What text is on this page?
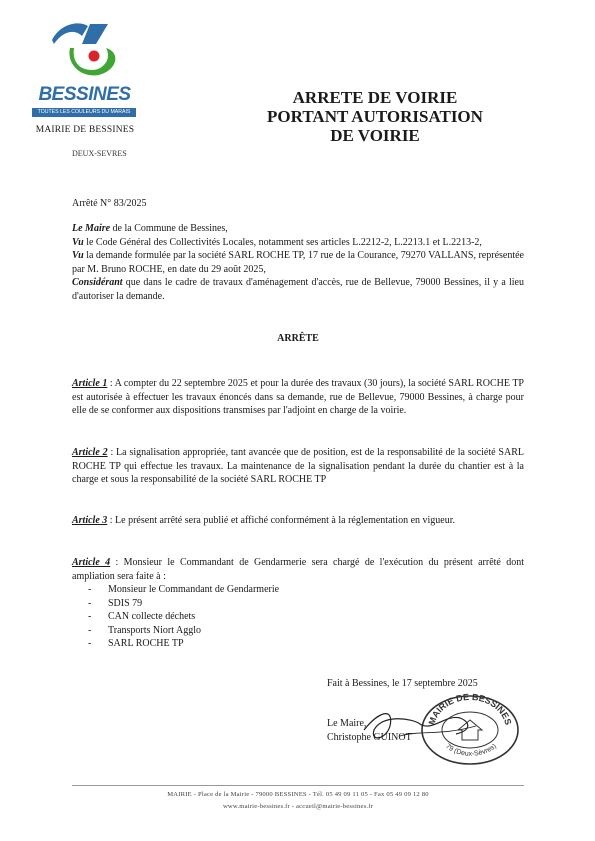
BESSINES
TOUTES LES COULEURS DU MARAIS
MAIRIE DE BESSINES
DEUX-SEVRES
ARRETE DE VOIRIE
PORTANT AUTORISATION
DE VOIRIE
Arrêté N° 83/2025
Le Maire de la Commune de Bessines,
Vu le Code Général des Collectivités Locales, notamment ses articles L.2212-2, L.2213.1 et L.2213-2,
Vu la demande formulée par la société SARL ROCHE TP, 17 rue de la Courance, 79270 VALLANS, représentée par M. Bruno ROCHE, en date du 29 août 2025,
Considérant que dans le cadre de travaux d'aménagement d'accès, rue de Bellevue, 79000 Bessines, il y a lieu d'autoriser la demande.
ARRÊTE
Article 1 : A compter du 22 septembre 2025 et pour la durée des travaux (30 jours), la société SARL ROCHE TP est autorisée à effectuer les travaux énoncés dans sa demande, rue de Bellevue, 79000 Bessines, à charge pour elle de se conformer aux dispositions transmises par l'adjoint en charge de la voirie.
Article 2 : La signalisation appropriée, tant avancée que de position, est de la responsabilité de la société SARL ROCHE TP qui effectue les travaux. La maintenance de la signalisation pendant la durée du chantier est à la charge et sous la responsabilité de la société SARL ROCHE TP
Article 3 : Le présent arrêté sera publié et affiché conformément à la réglementation en vigueur.
Article 4 : Monsieur le Commandant de Gendarmerie sera chargé de l'exécution du présent arrêté dont ampliation sera faite à :
- Monsieur le Commandant de Gendarmerie
- SDIS 79
- CAN collecte déchets
- Transports Niort Agglo
- SARL ROCHE TP
Fait à Bessines, le 17 septembre 2025
MAIRIE DE BESSINES
79 (Deux-Sèvres)
Le Maire,
Christophe GUINOT
MAIRIE - Place de la Mairie - 79000 BESSINES - Tél. 05 49 09 11 05 - Fax 05 49 09 12 80
www.mairie-bessines.fr - accueil@mairie-bessines.fr
